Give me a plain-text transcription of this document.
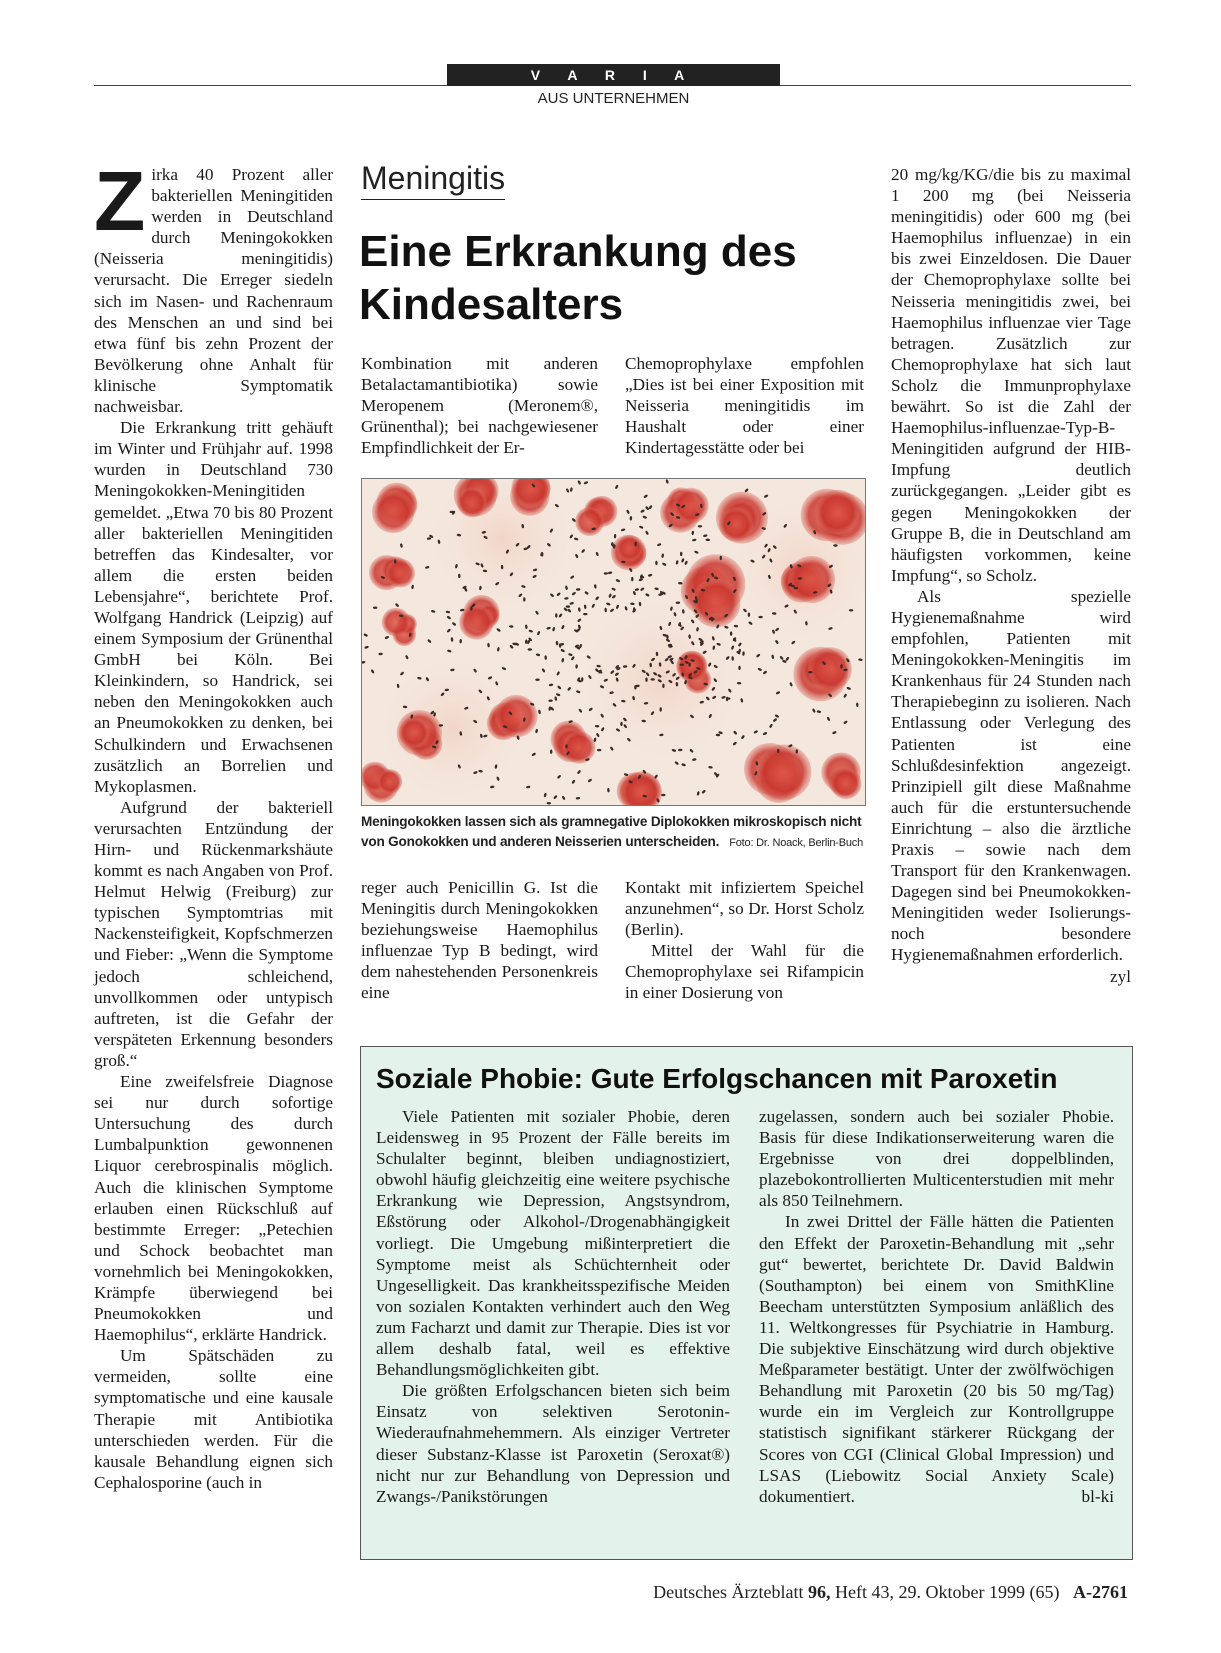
V A R I A
AUS UNTERNEHMEN

Zirka 40 Prozent aller bakteriellen Meningitiden werden in Deutschland durch Meningokokken (Neisseria meningitidis) verursacht. Die Erreger siedeln sich im Nasen- und Rachenraum des Menschen an und sind bei etwa fünf bis zehn Prozent der Bevölkerung ohne Anhalt für klinische Symptomatik nachweisbar.

Die Erkrankung tritt gehäuft im Winter und Frühjahr auf. 1998 wurden in Deutschland 730 Meningokokken-Meningitiden gemeldet. „Etwa 70 bis 80 Prozent aller bakteriellen Meningitiden betreffen das Kindesalter, vor allem die ersten beiden Lebensjahre“, berichtete Prof. Wolfgang Handrick (Leipzig) auf einem Symposium der Grünenthal GmbH bei Köln. Bei Kleinkindern, so Handrick, sei neben den Meningokokken auch an Pneumokokken zu denken, bei Schulkindern und Erwachsenen zusätzlich an Borrelien und Mykoplasmen.

Aufgrund der bakteriell verursachten Entzündung der Hirn- und Rückenmarkshäute kommt es nach Angaben von Prof. Helmut Helwig (Freiburg) zur typischen Symptomtrias mit Nackensteifigkeit, Kopfschmerzen und Fieber: „Wenn die Symptome jedoch schleichend, unvollkommen oder untypisch auftreten, ist die Gefahr der verspäteten Erkennung besonders groß.“

Eine zweifelsfreie Diagnose sei nur durch sofortige Untersuchung des durch Lumbalpunktion gewonnenen Liquor cerebrospinalis möglich. Auch die klinischen Symptome erlauben einen Rückschluß auf bestimmte Erreger: „Petechien und Schock beobachtet man vornehmlich bei Meningokokken, Krämpfe überwiegend bei Pneumokokken und Haemophilus“, erklärte Handrick.

Um Spätschäden zu vermeiden, sollte eine symptomatische und eine kausale Therapie mit Antibiotika unterschieden werden. Für die kausale Behandlung eignen sich Cephalosporine (auch in

Meningitis
Eine Erkrankung des Kindesalters

Kombination mit anderen Betalactamantibiotika) sowie Meropenem (Meronem®, Grünenthal); bei nachgewiesener Empfindlichkeit der Er-

Chemoprophylaxe empfohlen „Dies ist bei einer Exposition mit Neisseria meningitidis im Haushalt oder einer Kindertagesstätte oder bei

Meningokokken lassen sich als gramnegative Diplokokken mikroskopisch nicht von Gonokokken und anderen Neisserien unterscheiden. Foto: Dr. Noack, Berlin-Buch

reger auch Penicillin G. Ist die Meningitis durch Meningokokken beziehungsweise Haemophilus influenzae Typ B bedingt, wird dem nahestehenden Personenkreis eine

Kontakt mit infiziertem Speichel anzunehmen“, so Dr. Horst Scholz (Berlin).

Mittel der Wahl für die Chemoprophylaxe sei Rifampicin in einer Dosierung von

20 mg/kg/KG/die bis zu maximal 1 200 mg (bei Neisseria meningitidis) oder 600 mg (bei Haemophilus influenzae) in ein bis zwei Einzeldosen. Die Dauer der Chemoprophylaxe sollte bei Neisseria meningitidis zwei, bei Haemophilus influenzae vier Tage betragen. Zusätzlich zur Chemoprophylaxe hat sich laut Scholz die Immunprophylaxe bewährt. So ist die Zahl der Haemophilus-influenzae-Typ-B-Meningitiden aufgrund der HIB-Impfung deutlich zurückgegangen. „Leider gibt es gegen Meningokokken der Gruppe B, die in Deutschland am häufigsten vorkommen, keine Impfung“, so Scholz.

Als spezielle Hygienemaßnahme wird empfohlen, Patienten mit Meningokokken-Meningitis im Krankenhaus für 24 Stunden nach Therapiebeginn zu isolieren. Nach Entlassung oder Verlegung des Patienten ist eine Schlußdesinfektion angezeigt. Prinzipiell gilt diese Maßnahme auch für die erstuntersuchende Einrichtung – also die ärztliche Praxis – sowie nach dem Transport für den Krankenwagen. Dagegen sind bei Pneumokokken-Meningitiden weder Isolierungs- noch besondere Hygienemaßnahmen erforderlich.
zyl

Soziale Phobie: Gute Erfolgschancen mit Paroxetin

Viele Patienten mit sozialer Phobie, deren Leidensweg in 95 Prozent der Fälle bereits im Schulalter beginnt, bleiben undiagnostiziert, obwohl häufig gleichzeitig eine weitere psychische Erkrankung wie Depression, Angstsyndrom, Eßstörung oder Alkohol-/Drogenabhängigkeit vorliegt. Die Umgebung mißinterpretiert die Symptome meist als Schüchternheit oder Ungeselligkeit. Das krankheitsspezifische Meiden von sozialen Kontakten verhindert auch den Weg zum Facharzt und damit zur Therapie. Dies ist vor allem deshalb fatal, weil es effektive Behandlungsmöglichkeiten gibt.

Die größten Erfolgschancen bieten sich beim Einsatz von selektiven Serotonin-Wiederaufnahmehemmern. Als einziger Vertreter dieser Substanz-Klasse ist Paroxetin (Seroxat®) nicht nur zur Behandlung von Depression und Zwangs-/Panikstörungen

zugelassen, sondern auch bei sozialer Phobie. Basis für diese Indikationserweiterung waren die Ergebnisse von drei doppelblinden, plazebokontrollierten Multicenterstudien mit mehr als 850 Teilnehmern.

In zwei Drittel der Fälle hätten die Patienten den Effekt der Paroxetin-Behandlung mit „sehr gut“ bewertet, berichtete Dr. David Baldwin (Southampton) bei einem von SmithKline Beecham unterstützten Symposium anläßlich des 11. Weltkongresses für Psychiatrie in Hamburg. Die subjektive Einschätzung wird durch objektive Meßparameter bestätigt. Unter der zwölfwöchigen Behandlung mit Paroxetin (20 bis 50 mg/Tag) wurde ein im Vergleich zur Kontrollgruppe statistisch signifikant stärkerer Rückgang der Scores von CGI (Clinical Global Impression) und LSAS (Liebowitz Social Anxiety Scale) dokumentiert.	bl-ki

Deutsches Ärzteblatt 96, Heft 43, 29. Oktober 1999 (65) A-2761
